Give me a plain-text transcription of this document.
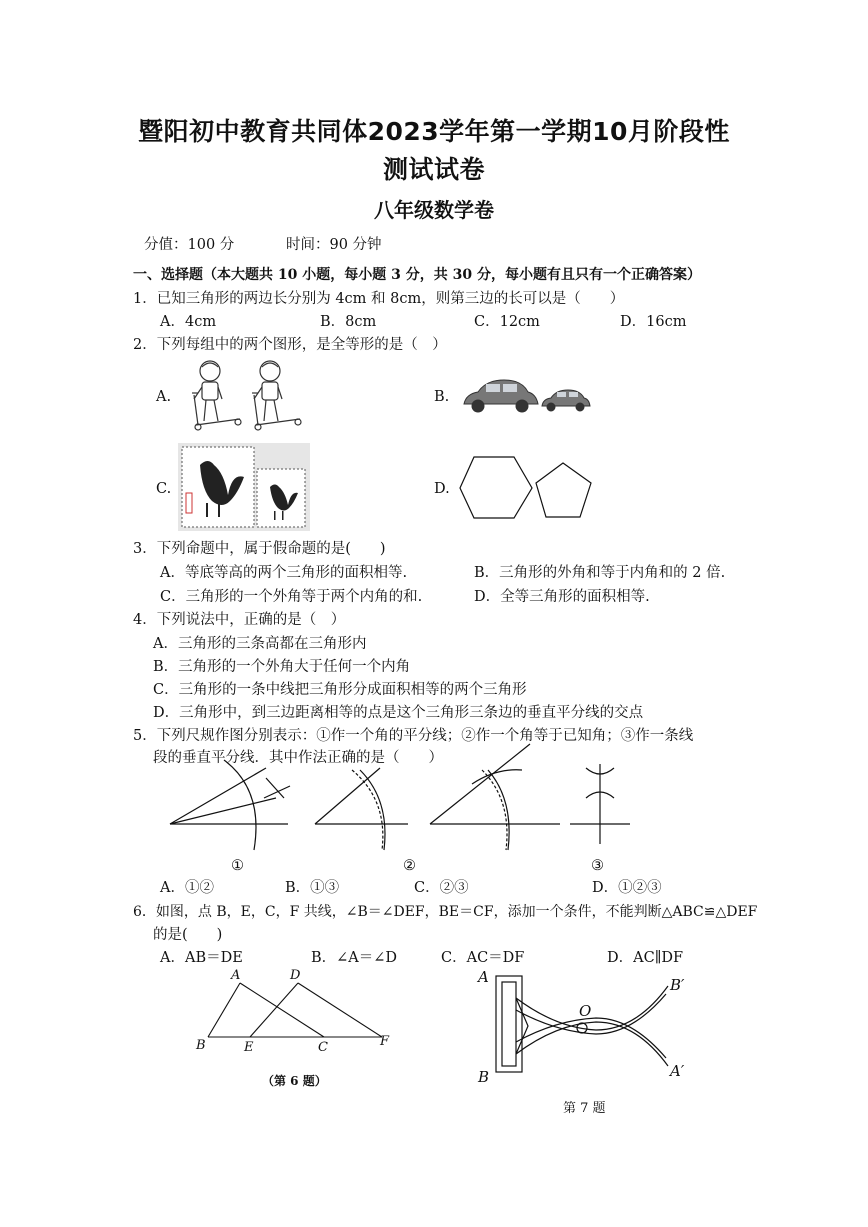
暨阳初中教育共同体2023学年第一学期10月阶段性
测试试卷
八年级数学卷
分值：100 分	时间：90 分钟
一、选择题（本大题共 10 小题，每小题 3 分，共 30 分，每小题有且只有一个正确答案）
1．已知三角形的两边长分别为 4cm 和 8cm，则第三边的长可以是（　　）
A．4cm	B．8cm	C．12cm	D．16cm
2．下列每组中的两个图形，是全等形的是（　）
A.	B.
C.	D.
3．下列命题中，属于假命题的是(　　)
A．等底等高的两个三角形的面积相等.	B．三角形的外角和等于内角和的 2 倍.
C．三角形的一个外角等于两个内角的和.	D．全等三角形的面积相等.
4．下列说法中，正确的是（　）
A．三角形的三条高都在三角形内
B．三角形的一个外角大于任何一个内角
C．三角形的一条中线把三角形分成面积相等的两个三角形
D．三角形中，到三边距离相等的点是这个三角形三条边的垂直平分线的交点
5．下列尺规作图分别表示：①作一个角的平分线；②作一个角等于已知角；③作一条线
段的垂直平分线．其中作法正确的是（　　）
①	②	③
A．①②	B．①③	C．②③	D．①②③
6．如图，点 B，E，C，F 共线，∠B＝∠DEF，BE＝CF，添加一个条件，不能判断△ABC≌△DEF
的是(　　)
A．AB＝DE	B．∠A＝∠D	C．AC＝DF	D．AC∥DF
A	D
B	E	C	F
（第 6 题）
A
B
O
B′
A′
第 7 题
